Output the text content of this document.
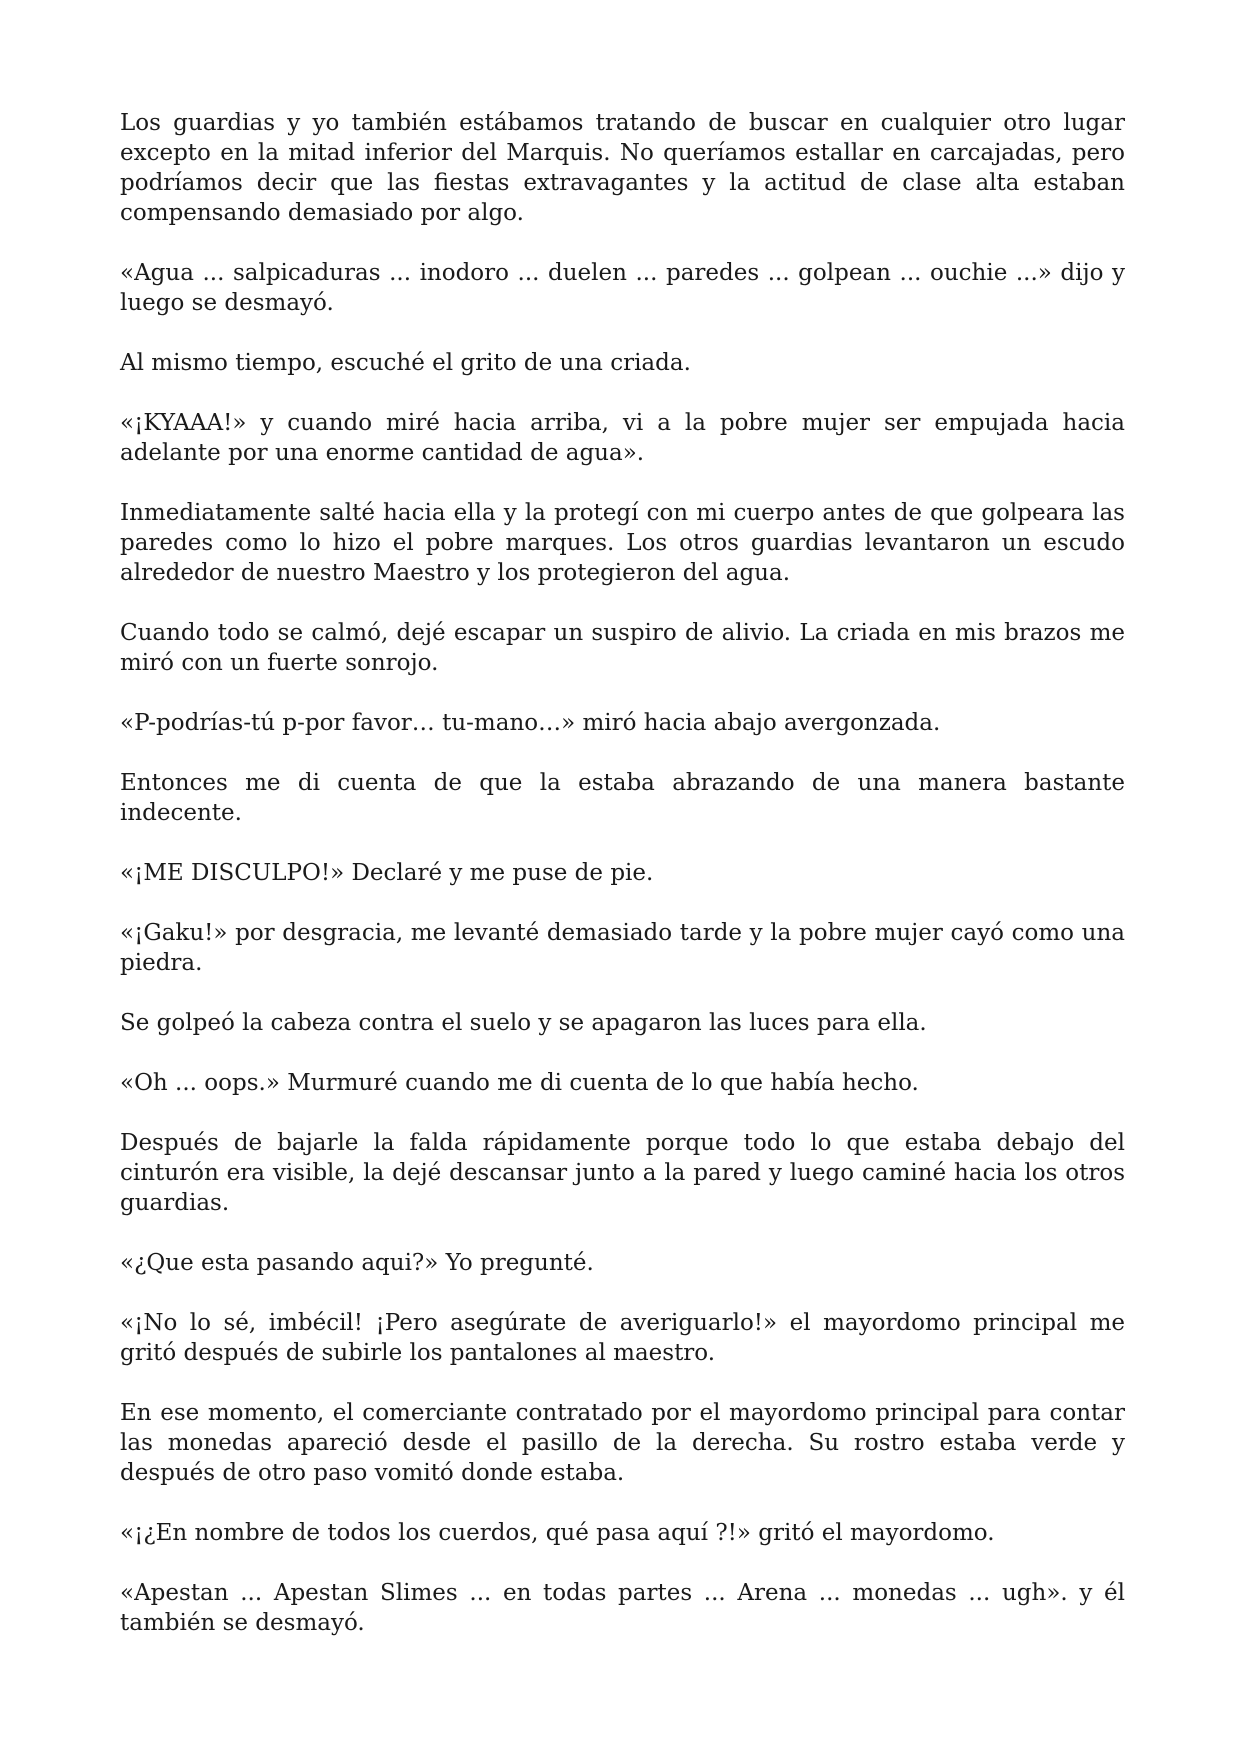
Los guardias y yo también estábamos tratando de buscar en cualquier otro lugar excepto en la mitad inferior del Marquis. No queríamos estallar en carcajadas, pero podríamos decir que las fiestas extravagantes y la actitud de clase alta estaban compensando demasiado por algo.

«Agua ... salpicaduras ... inodoro ... duelen ... paredes ... golpean ... ouchie ...» dijo y luego se desmayó.

Al mismo tiempo, escuché el grito de una criada.

«¡KYAAA!» y cuando miré hacia arriba, vi a la pobre mujer ser empujada hacia adelante por una enorme cantidad de agua».

Inmediatamente salté hacia ella y la protegí con mi cuerpo antes de que golpeara las paredes como lo hizo el pobre marques. Los otros guardias levantaron un escudo alrededor de nuestro Maestro y los protegieron del agua.

Cuando todo se calmó, dejé escapar un suspiro de alivio. La criada en mis brazos me miró con un fuerte sonrojo.

«P-podrías-tú p-por favor… tu-mano…» miró hacia abajo avergonzada.

Entonces me di cuenta de que la estaba abrazando de una manera bastante indecente.

«¡ME DISCULPO!» Declaré y me puse de pie.

«¡Gaku!» por desgracia, me levanté demasiado tarde y la pobre mujer cayó como una piedra.

Se golpeó la cabeza contra el suelo y se apagaron las luces para ella.

«Oh ... oops.» Murmuré cuando me di cuenta de lo que había hecho.

Después de bajarle la falda rápidamente porque todo lo que estaba debajo del cinturón era visible, la dejé descansar junto a la pared y luego caminé hacia los otros guardias.

«¿Que esta pasando aqui?» Yo pregunté.

«¡No lo sé, imbécil! ¡Pero asegúrate de averiguarlo!» el mayordomo principal me gritó después de subirle los pantalones al maestro.

En ese momento, el comerciante contratado por el mayordomo principal para contar las monedas apareció desde el pasillo de la derecha. Su rostro estaba verde y después de otro paso vomitó donde estaba.

«¡¿En nombre de todos los cuerdos, qué pasa aquí ?!» gritó el mayordomo.

«Apestan ... Apestan Slimes ... en todas partes ... Arena ... monedas ... ugh». y él también se desmayó.
